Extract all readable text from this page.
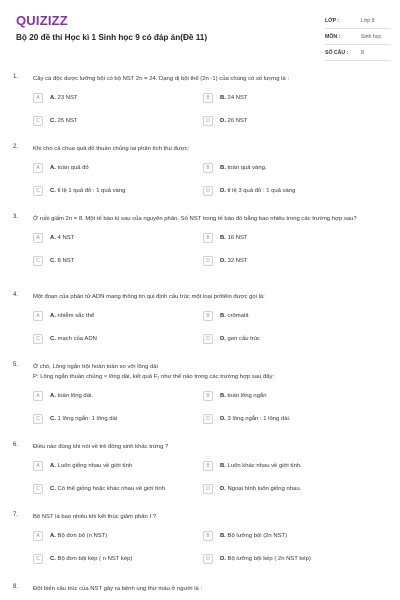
QUIZIZZ
Bộ 20 đề thi Học kì 1 Sinh học 9 có đáp án(Đề 11)
LỚP :	Lớp 9
MÔN :	Sinh học
SỐ CÂU :	8
1.	Cây cà độc dược lưỡng bội có bộ NST 2n = 24. Dạng dị bội thể (2n -1) của chúng có số lượng là :
A	A. 23 NST	B	B. 24 NST
C	C. 25 NST	D	D. 26 NST
2.	Khi cho cà chua quả đỏ thuần chủng lai phân tích thu được:
A	A. toàn quả đỏ	B	B. toàn quả vàng.
C	C. tỉ lệ 1 quả đỏ : 1 quả vàng	D	D. tỉ lệ 3 quả đỏ : 1 quả vàng
3.	Ở ruồi giấm 2n = 8. Một tế bào kì sau của nguyên phân. Số NST trong tế bào đó bằng bao nhiêu trong các trường hợp sau?
A	A. 4 NST	B	B. 16 NST
C	C. 8 NST	D	D. 32 NST
4.	Một đoạn của phân tử ADN mang thông tin qui định cấu trúc một loại prôtêin được gọi là:
A	A. nhiễm sắc thể	B	B. crômatit
C	C. mạch của ADN	D	D. gen cấu trúc
5.	Ở chó, Lông ngắn trội hoàn toàn so với lông dài
P: Lông ngắn thuần chủng × lông dài, kết quả F₁ như thế nào trong các trường hợp sau đây:
A	A. toàn lông dài.	B	B. toàn lông ngắn
C	C. 1 lông ngắn: 1 lông dài	D	D. 3 lông ngắn : 1 lông dài.
6.	Điều nào đúng khi nói về trẻ đồng sinh khác trứng ?
A	A. Luôn giống nhau về giới tính	B	B. Luôn khác nhau về giới tính.
C	C. Có thể giống hoặc khác nhau về giới tính	D	D. Ngoại hình luôn giống nhau.
7.	Bộ NST là bao nhiêu khi kết thúc giảm phân I ?
A	A. Bộ đơn bô (n NST)	B	B. Bộ lưỡng bội (2n NST)
C	C. Bộ đơn bội kép ( n NST kép)	D	D. Bộ lưỡng bội kép ( 2n NST kép)
8.	Đột biến cấu trúc của NST gây ra bệnh ung thư máu ở người là :
